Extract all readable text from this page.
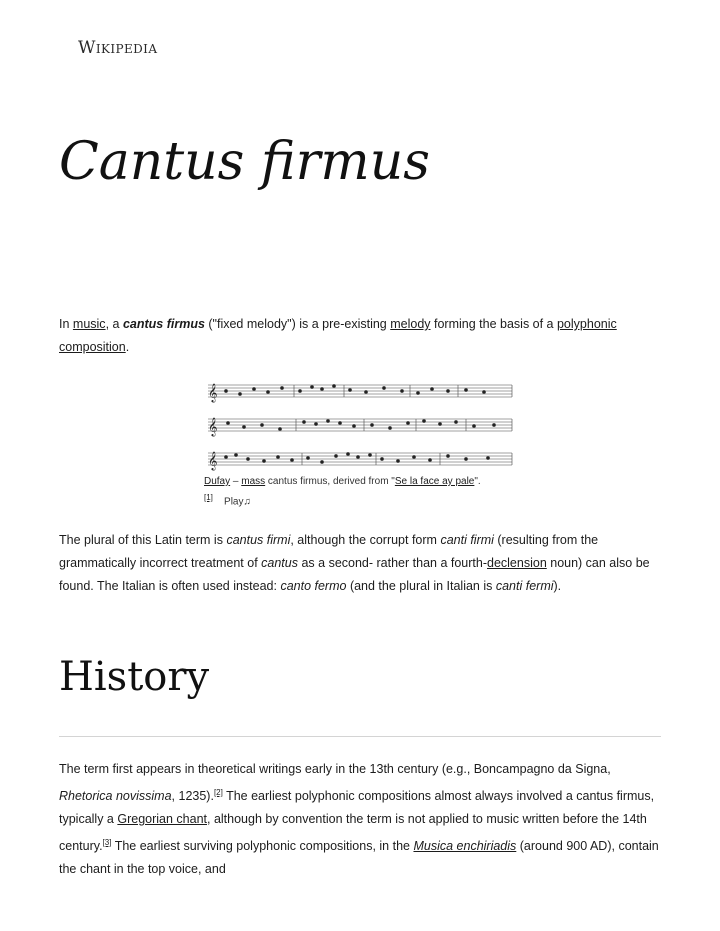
Wikipedia
Cantus firmus

In music, a cantus firmus ("fixed melody") is a pre-existing melody forming the basis of a polyphonic composition.

𝄞
𝄞
𝄞
Dufay – mass cantus firmus, derived from "Se la face ay pale".[1] Play♫

The plural of this Latin term is cantus firmi, although the corrupt form canti firmi (resulting from the grammatically incorrect treatment of cantus as a second- rather than a fourth-declension noun) can also be found. The Italian is often used instead: canto fermo (and the plural in Italian is canti fermi).

History

The term first appears in theoretical writings early in the 13th century (e.g., Boncampagno da Signa, Rhetorica novissima, 1235).[2] The earliest polyphonic compositions almost always involved a cantus firmus, typically a Gregorian chant, although by convention the term is not applied to music written before the 14th century.[3] The earliest surviving polyphonic compositions, in the Musica enchiriadis (around 900 AD), contain the chant in the top voice, and
